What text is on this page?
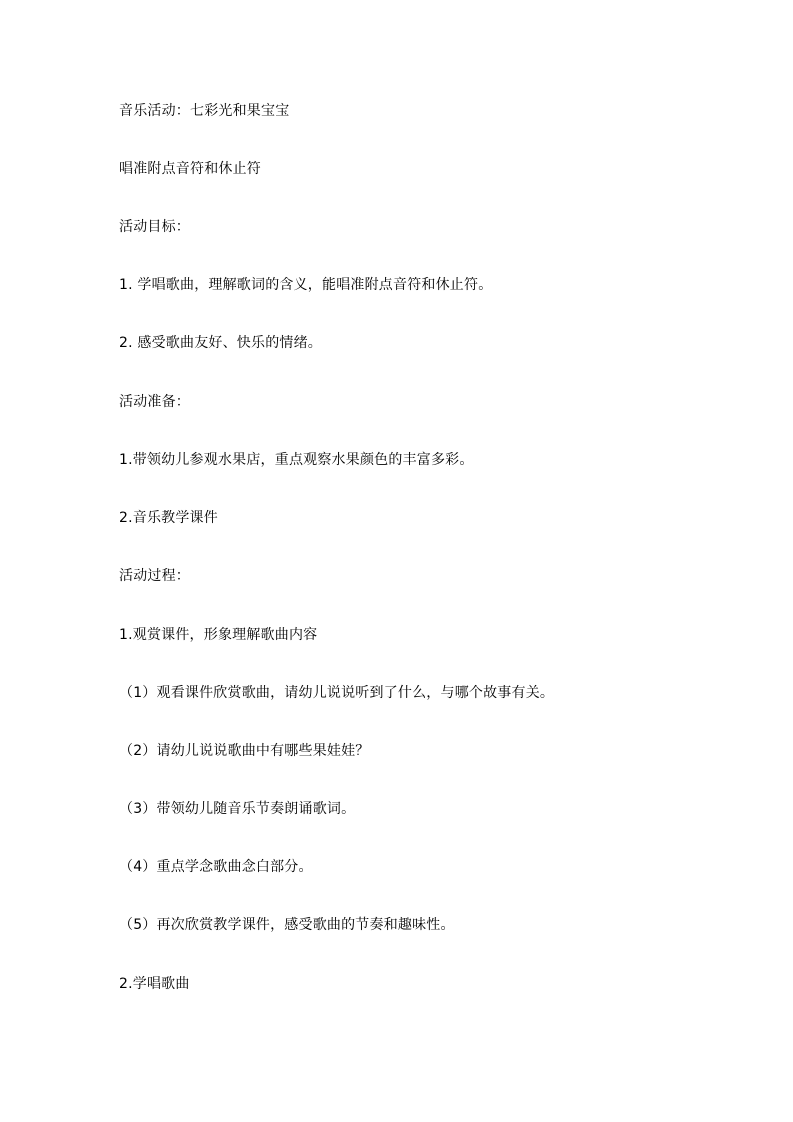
音乐活动：七彩光和果宝宝
唱准附点音符和休止符
活动目标：
1. 学唱歌曲，理解歌词的含义，能唱准附点音符和休止符。
2. 感受歌曲友好、快乐的情绪。
活动准备：
1.带领幼儿参观水果店，重点观察水果颜色的丰富多彩。
2.音乐教学课件
活动过程：
1.观赏课件，形象理解歌曲内容
（1）观看课件欣赏歌曲，请幼儿说说听到了什么，与哪个故事有关。
（2）请幼儿说说歌曲中有哪些果娃娃？
（3）带领幼儿随音乐节奏朗诵歌词。
（4）重点学念歌曲念白部分。
（5）再次欣赏教学课件，感受歌曲的节奏和趣味性。
2.学唱歌曲
